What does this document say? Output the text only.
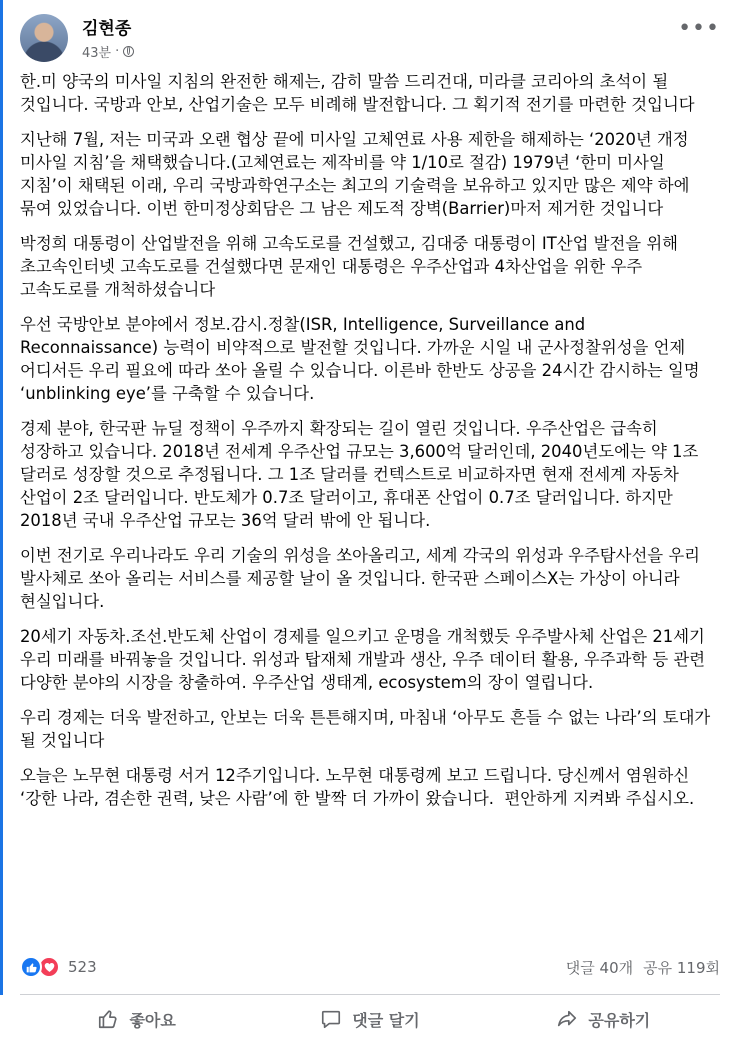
김현종
43분 ·
•••

한.미 양국의 미사일 지침의 완전한 해제는, 감히 말씀 드리건대, 미라클 코리아의 초석이 될 것입니다. 국방과 안보, 산업기술은 모두 비례해 발전합니다. 그 획기적 전기를 마련한 것입니다

지난해 7월, 저는 미국과 오랜 협상 끝에 미사일 고체연료 사용 제한을 해제하는 ‘2020년 개정 미사일 지침’을 채택했습니다.(고체연료는 제작비를 약 1/10로 절감) 1979년 ‘한미 미사일 지침’이 채택된 이래, 우리 국방과학연구소는 최고의 기술력을 보유하고 있지만 많은 제약 하에 묶여 있었습니다. 이번 한미정상회담은 그 남은 제도적 장벽(Barrier)마저 제거한 것입니다

박정희 대통령이 산업발전을 위해 고속도로를 건설했고, 김대중 대통령이 IT산업 발전을 위해 초고속인터넷 고속도로를 건설했다면 문재인 대통령은 우주산업과 4차산업을 위한 우주 고속도로를 개척하셨습니다

우선 국방안보 분야에서 정보.감시.정찰(ISR, Intelligence, Surveillance and Reconnaissance) 능력이 비약적으로 발전할 것입니다. 가까운 시일 내 군사정찰위성을 언제 어디서든 우리 필요에 따라 쏘아 올릴 수 있습니다. 이른바 한반도 상공을 24시간 감시하는 일명 ‘unblinking eye’를 구축할 수 있습니다.

경제 분야, 한국판 뉴딜 정책이 우주까지 확장되는 길이 열린 것입니다. 우주산업은 급속히 성장하고 있습니다. 2018년 전세계 우주산업 규모는 3,600억 달러인데, 2040년도에는 약 1조 달러로 성장할 것으로 추정됩니다. 그 1조 달러를 컨텍스트로 비교하자면 현재 전세계 자동차 산업이 2조 달러입니다. 반도체가 0.7조 달러이고, 휴대폰 산업이 0.7조 달러입니다. 하지만 2018년 국내 우주산업 규모는 36억 달러 밖에 안 됩니다.

이번 전기로 우리나라도 우리 기술의 위성을 쏘아올리고, 세계 각국의 위성과 우주탐사선을 우리 발사체로 쏘아 올리는 서비스를 제공할 날이 올 것입니다. 한국판 스페이스X는 가상이 아니라 현실입니다.

20세기 자동차.조선.반도체 산업이 경제를 일으키고 운명을 개척했듯 우주발사체 산업은 21세기 우리 미래를 바꿔놓을 것입니다. 위성과 탑재체 개발과 생산, 우주 데이터 활용, 우주과학 등 관련 다양한 분야의 시장을 창출하여. 우주산업 생태계, ecosystem의 장이 열립니다.

우리 경제는 더욱 발전하고, 안보는 더욱 튼튼해지며, 마침내 ‘아무도 흔들 수 없는 나라’의 토대가 될 것입니다

오늘은 노무현 대통령 서거 12주기입니다. 노무현 대통령께 보고 드립니다. 당신께서 염원하신 ‘강한 나라, 겸손한 권력, 낮은 사람’에 한 발짝 더 가까이 왔습니다.  편안하게 지켜봐 주십시오.

523	댓글 40개 공유 119회
좋아요	댓글 달기	공유하기
